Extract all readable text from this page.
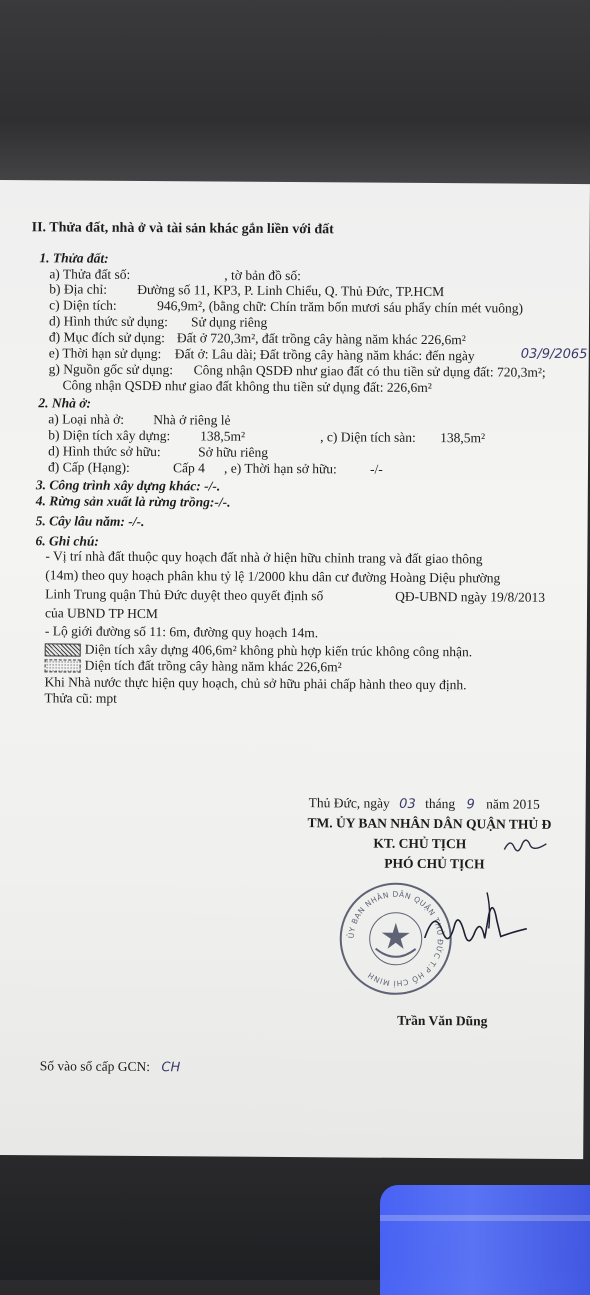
II. Thửa đất, nhà ở và tài sản khác gắn liền với đất
1. Thửa đất:
a) Thửa đất số:	, tờ bản đồ số:
b) Địa chỉ: Đường số 11, KP3, P. Linh Chiểu, Q. Thủ Đức, TP.HCM
c) Diện tích:	946,9m², (bằng chữ: Chín trăm bốn mươi sáu phẩy chín mét vuông)
d) Hình thức sử dụng: Sử dụng riêng
đ) Mục đích sử dụng: Đất ở 720,3m², đất trồng cây hàng năm khác 226,6m²
e) Thời hạn sử dụng: Đất ở: Lâu dài; Đất trồng cây hàng năm khác: đến ngày	03/9/2065
g) Nguồn gốc sử dụng: Công nhận QSDĐ như giao đất có thu tiền sử dụng đất: 720,3m²;
Công nhận QSDĐ như giao đất không thu tiền sử dụng đất: 226,6m²
2. Nhà ở:
a) Loại nhà ở: Nhà ở riêng lẻ
b) Diện tích xây dựng: 138,5m²	, c) Diện tích sàn: 138,5m²
d) Hình thức sở hữu:	Sở hữu riêng
đ) Cấp (Hạng):	Cấp 4 , e) Thời hạn sở hữu: -/-
3. Công trình xây dựng khác: -/-.
4. Rừng sản xuất là rừng trồng:-/-.
5. Cây lâu năm: -/-.
6. Ghi chú:
- Vị trí nhà đất thuộc quy hoạch đất nhà ở hiện hữu chỉnh trang và đất giao thông
(14m) theo quy hoạch phân khu tỷ lệ 1/2000 khu dân cư đường Hoàng Diệu phường
Linh Trung quận Thủ Đức duyệt theo quyết định số	QĐ-UBND ngày 19/8/2013
của UBND TP HCM
- Lộ giới đường số 11: 6m, đường quy hoạch 14m.
Diện tích xây dựng 406,6m² không phù hợp kiến trúc không công nhận.
Diện tích đất trồng cây hàng năm khác 226,6m²
Khi Nhà nước thực hiện quy hoạch, chủ sở hữu phải chấp hành theo quy định.
Thửa cũ: mpt
Thủ Đức, ngày 03 tháng 9 năm 2015
TM. ỦY BAN NHÂN DÂN QUẬN THỦ Đ
KT. CHỦ TỊCH
PHÓ CHỦ TỊCH
ỦY BAN NHÂN DÂN QUẬN THỦ ĐỨC T.P HỒ CHÍ MINH
Trần Văn Dũng
Số vào sổ cấp GCN: CH
